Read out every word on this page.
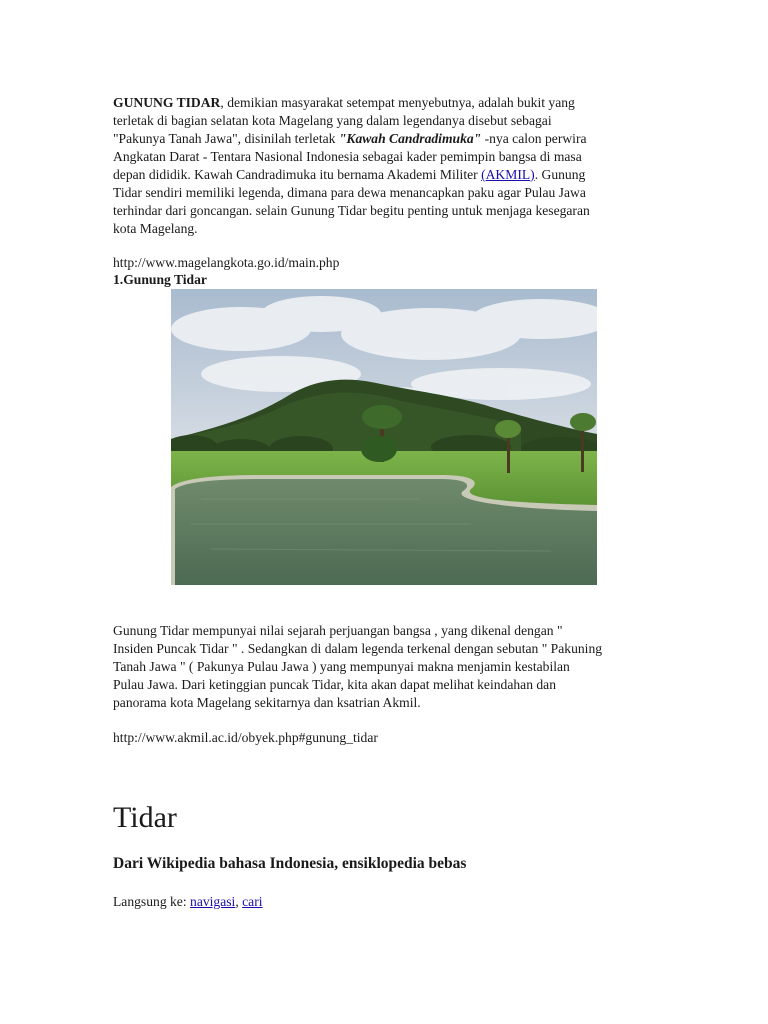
GUNUNG TIDAR, demikian masyarakat setempat menyebutnya, adalah bukit yang
terletak di bagian selatan kota Magelang yang dalam legendanya disebut sebagai
"Pakunya Tanah Jawa", disinilah terletak "Kawah Candradimuka" -nya calon perwira
Angkatan Darat - Tentara Nasional Indonesia sebagai kader pemimpin bangsa di masa
depan dididik. Kawah Candradimuka itu bernama Akademi Militer (AKMIL). Gunung
Tidar sendiri memiliki legenda, dimana para dewa menancapkan paku agar Pulau Jawa
terhindar dari goncangan. selain Gunung Tidar begitu penting untuk menjaga kesegaran
kota Magelang.

http://www.magelangkota.go.id/main.php

1.Gunung Tidar

Gunung Tidar mempunyai nilai sejarah perjuangan bangsa , yang dikenal dengan "
Insiden Puncak Tidar " . Sedangkan di dalam legenda terkenal dengan sebutan " Pakuning
Tanah Jawa " ( Pakunya Pulau Jawa ) yang mempunyai makna menjamin kestabilan
Pulau Jawa. Dari ketinggian puncak Tidar, kita akan dapat melihat keindahan dan
panorama kota Magelang sekitarnya dan ksatrian Akmil.

http://www.akmil.ac.id/obyek.php#gunung_tidar

Tidar
Dari Wikipedia bahasa Indonesia, ensiklopedia bebas

Langsung ke: navigasi, cari
